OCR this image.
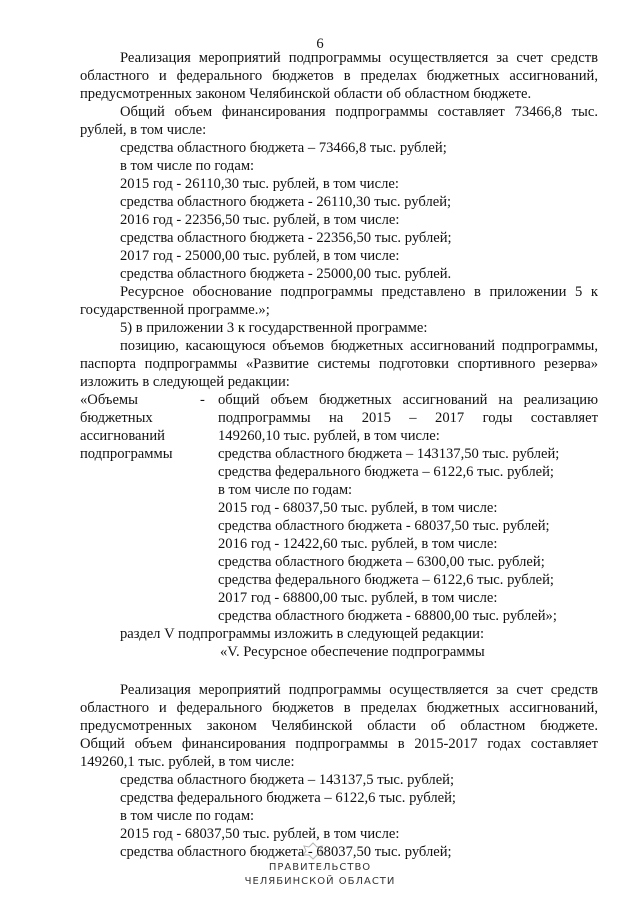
6
Реализация мероприятий подпрограммы осуществляется за счет средств
областного и федерального бюджетов в пределах бюджетных ассигнований,
предусмотренных законом Челябинской области об областном бюджете.
Общий объем финансирования подпрограммы составляет 73466,8 тыс.
рублей, в том числе:
средства областного бюджета – 73466,8 тыс. рублей;
в том числе по годам:
2015 год - 26110,30 тыс. рублей, в том числе:
средства областного бюджета - 26110,30 тыс. рублей;
2016 год - 22356,50 тыс. рублей, в том числе:
средства областного бюджета - 22356,50 тыс. рублей;
2017 год - 25000,00 тыс. рублей, в том числе:
средства областного бюджета - 25000,00 тыс. рублей.
Ресурсное обоснование подпрограммы представлено в приложении 5 к
государственной программе.»;
5) в приложении 3 к государственной программе:
позицию, касающуюся объемов бюджетных ассигнований подпрограммы,
паспорта подпрограммы «Развитие системы подготовки спортивного резерва»
изложить в следующей редакции:
«Объемы
бюджетных
ассигнований
подпрограммы
- общий объем бюджетных ассигнований на реализацию
подпрограммы на 2015 – 2017 годы составляет
149260,10 тыс. рублей, в том числе:
средства областного бюджета – 143137,50 тыс. рублей;
средства федерального бюджета – 6122,6 тыс. рублей;
в том числе по годам:
2015 год - 68037,50 тыс. рублей, в том числе:
средства областного бюджета - 68037,50 тыс. рублей;
2016 год - 12422,60 тыс. рублей, в том числе:
средства областного бюджета – 6300,00 тыс. рублей;
средства федерального бюджета – 6122,6 тыс. рублей;
2017 год - 68800,00 тыс. рублей, в том числе:
средства областного бюджета - 68800,00 тыс. рублей»;
раздел V подпрограммы изложить в следующей редакции:
«V. Ресурсное обеспечение подпрограммы
Реализация мероприятий подпрограммы осуществляется за счет средств
областного и федерального бюджетов в пределах бюджетных ассигнований,
предусмотренных законом Челябинской области об областном бюджете.
Общий объем финансирования подпрограммы в 2015-2017 годах составляет
149260,1 тыс. рублей, в том числе:
средства областного бюджета – 143137,5 тыс. рублей;
средства федерального бюджета – 6122,6 тыс. рублей;
в том числе по годам:
2015 год - 68037,50 тыс. рублей, в том числе:
средства областного бюджета - 68037,50 тыс. рублей;
ПРАВИТЕЛЬСТВО
ЧЕЛЯБИНСКОЙ ОБЛАСТИ
